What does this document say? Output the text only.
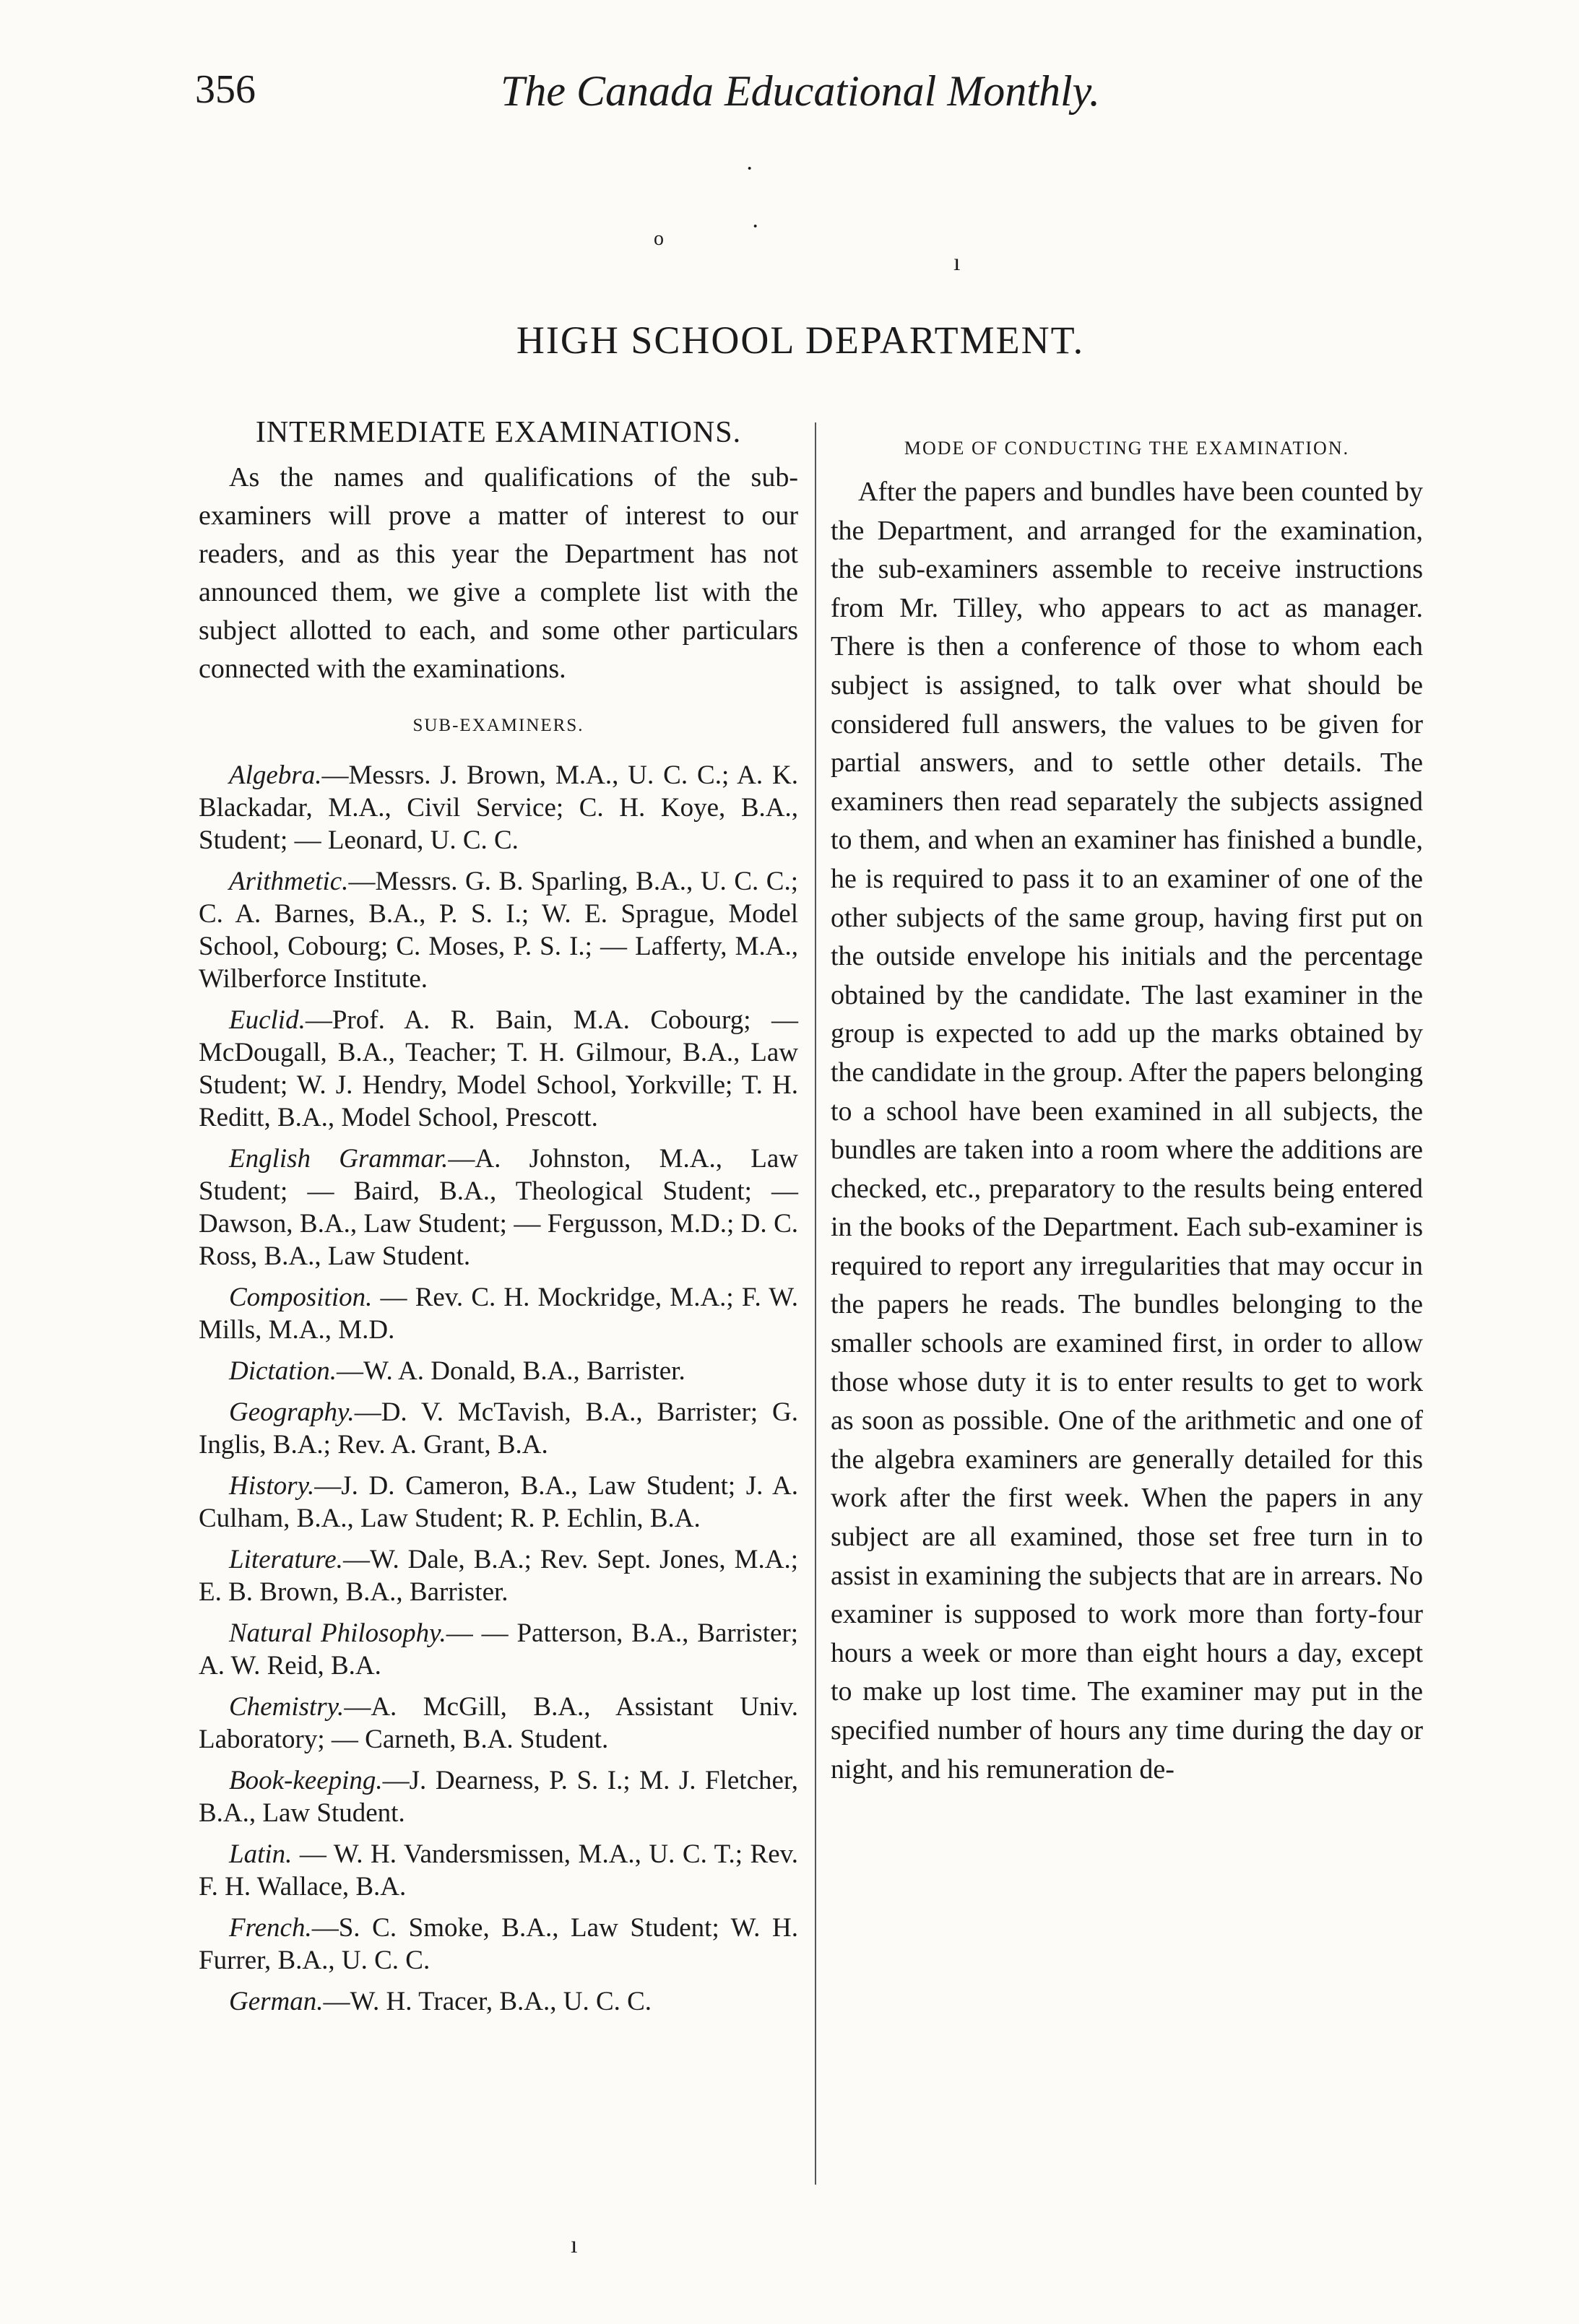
356	The Canada Educational Monthly.
·
o	·
ı
HIGH SCHOOL DEPARTMENT.
INTERMEDIATE EXAMINATIONS.

As the names and qualifications of the sub-examiners will prove a matter of interest to our readers, and as this year the Department has not announced them, we give a complete list with the subject allotted to each, and some other particulars connected with the examinations.

SUB-EXAMINERS.

Algebra.—Messrs. J. Brown, M.A., U. C. C.; A. K. Blackadar, M.A., Civil Service; C. H. Koye, B.A., Student; — Leonard, U. C. C.

Arithmetic.—Messrs. G. B. Sparling, B.A., U. C. C.; C. A. Barnes, B.A., P. S. I.; W. E. Sprague, Model School, Cobourg; C. Moses, P. S. I.; — Lafferty, M.A., Wilberforce Institute.

Euclid.—Prof. A. R. Bain, M.A. Cobourg; — McDougall, B.A., Teacher; T. H. Gilmour, B.A., Law Student; W. J. Hendry, Model School, Yorkville; T. H. Reditt, B.A., Model School, Prescott.

English Grammar.—A. Johnston, M.A., Law Student; — Baird, B.A., Theological Student; — Dawson, B.A., Law Student; — Fergusson, M.D.; D. C. Ross, B.A., Law Student.

Composition. — Rev. C. H. Mockridge, M.A.; F. W. Mills, M.A., M.D.

Dictation.—W. A. Donald, B.A., Barrister.

Geography.—D. V. McTavish, B.A., Barrister; G. Inglis, B.A.; Rev. A. Grant, B.A.

History.—J. D. Cameron, B.A., Law Student; J. A. Culham, B.A., Law Student; R. P. Echlin, B.A.

Literature.—W. Dale, B.A.; Rev. Sept. Jones, M.A.; E. B. Brown, B.A., Barrister.

Natural Philosophy.— — Patterson, B.A., Barrister; A. W. Reid, B.A.

Chemistry.—A. McGill, B.A., Assistant Univ. Laboratory; — Carneth, B.A. Student.

Book-keeping.—J. Dearness, P. S. I.; M. J. Fletcher, B.A., Law Student.

Latin. — W. H. Vandersmissen, M.A., U. C. T.; Rev. F. H. Wallace, B.A.

French.—S. C. Smoke, B.A., Law Student; W. H. Furrer, B.A., U. C. C.

German.—W. H. Tracer, B.A., U. C. C.

MODE OF CONDUCTING THE EXAMINATION.

After the papers and bundles have been counted by the Department, and arranged for the examination, the sub-examiners assemble to receive instructions from Mr. Tilley, who appears to act as manager. There is then a conference of those to whom each subject is assigned, to talk over what should be considered full answers, the values to be given for partial answers, and to settle other details. The examiners then read separately the subjects assigned to them, and when an examiner has finished a bundle, he is required to pass it to an examiner of one of the other subjects of the same group, having first put on the outside envelope his initials and the percentage obtained by the candidate. The last examiner in the group is expected to add up the marks obtained by the candidate in the group. After the papers belonging to a school have been examined in all subjects, the bundles are taken into a room where the additions are checked, etc., preparatory to the results being entered in the books of the Department. Each sub-examiner is required to report any irregularities that may occur in the papers he reads. The bundles belonging to the smaller schools are examined first, in order to allow those whose duty it is to enter results to get to work as soon as possible. One of the arithmetic and one of the algebra examiners are generally detailed for this work after the first week. When the papers in any subject are all examined, those set free turn in to assist in examining the subjects that are in arrears. No examiner is supposed to work more than forty-four hours a week or more than eight hours a day, except to make up lost time. The examiner may put in the specified number of hours any time during the day or night, and his remuneration de-

ı
